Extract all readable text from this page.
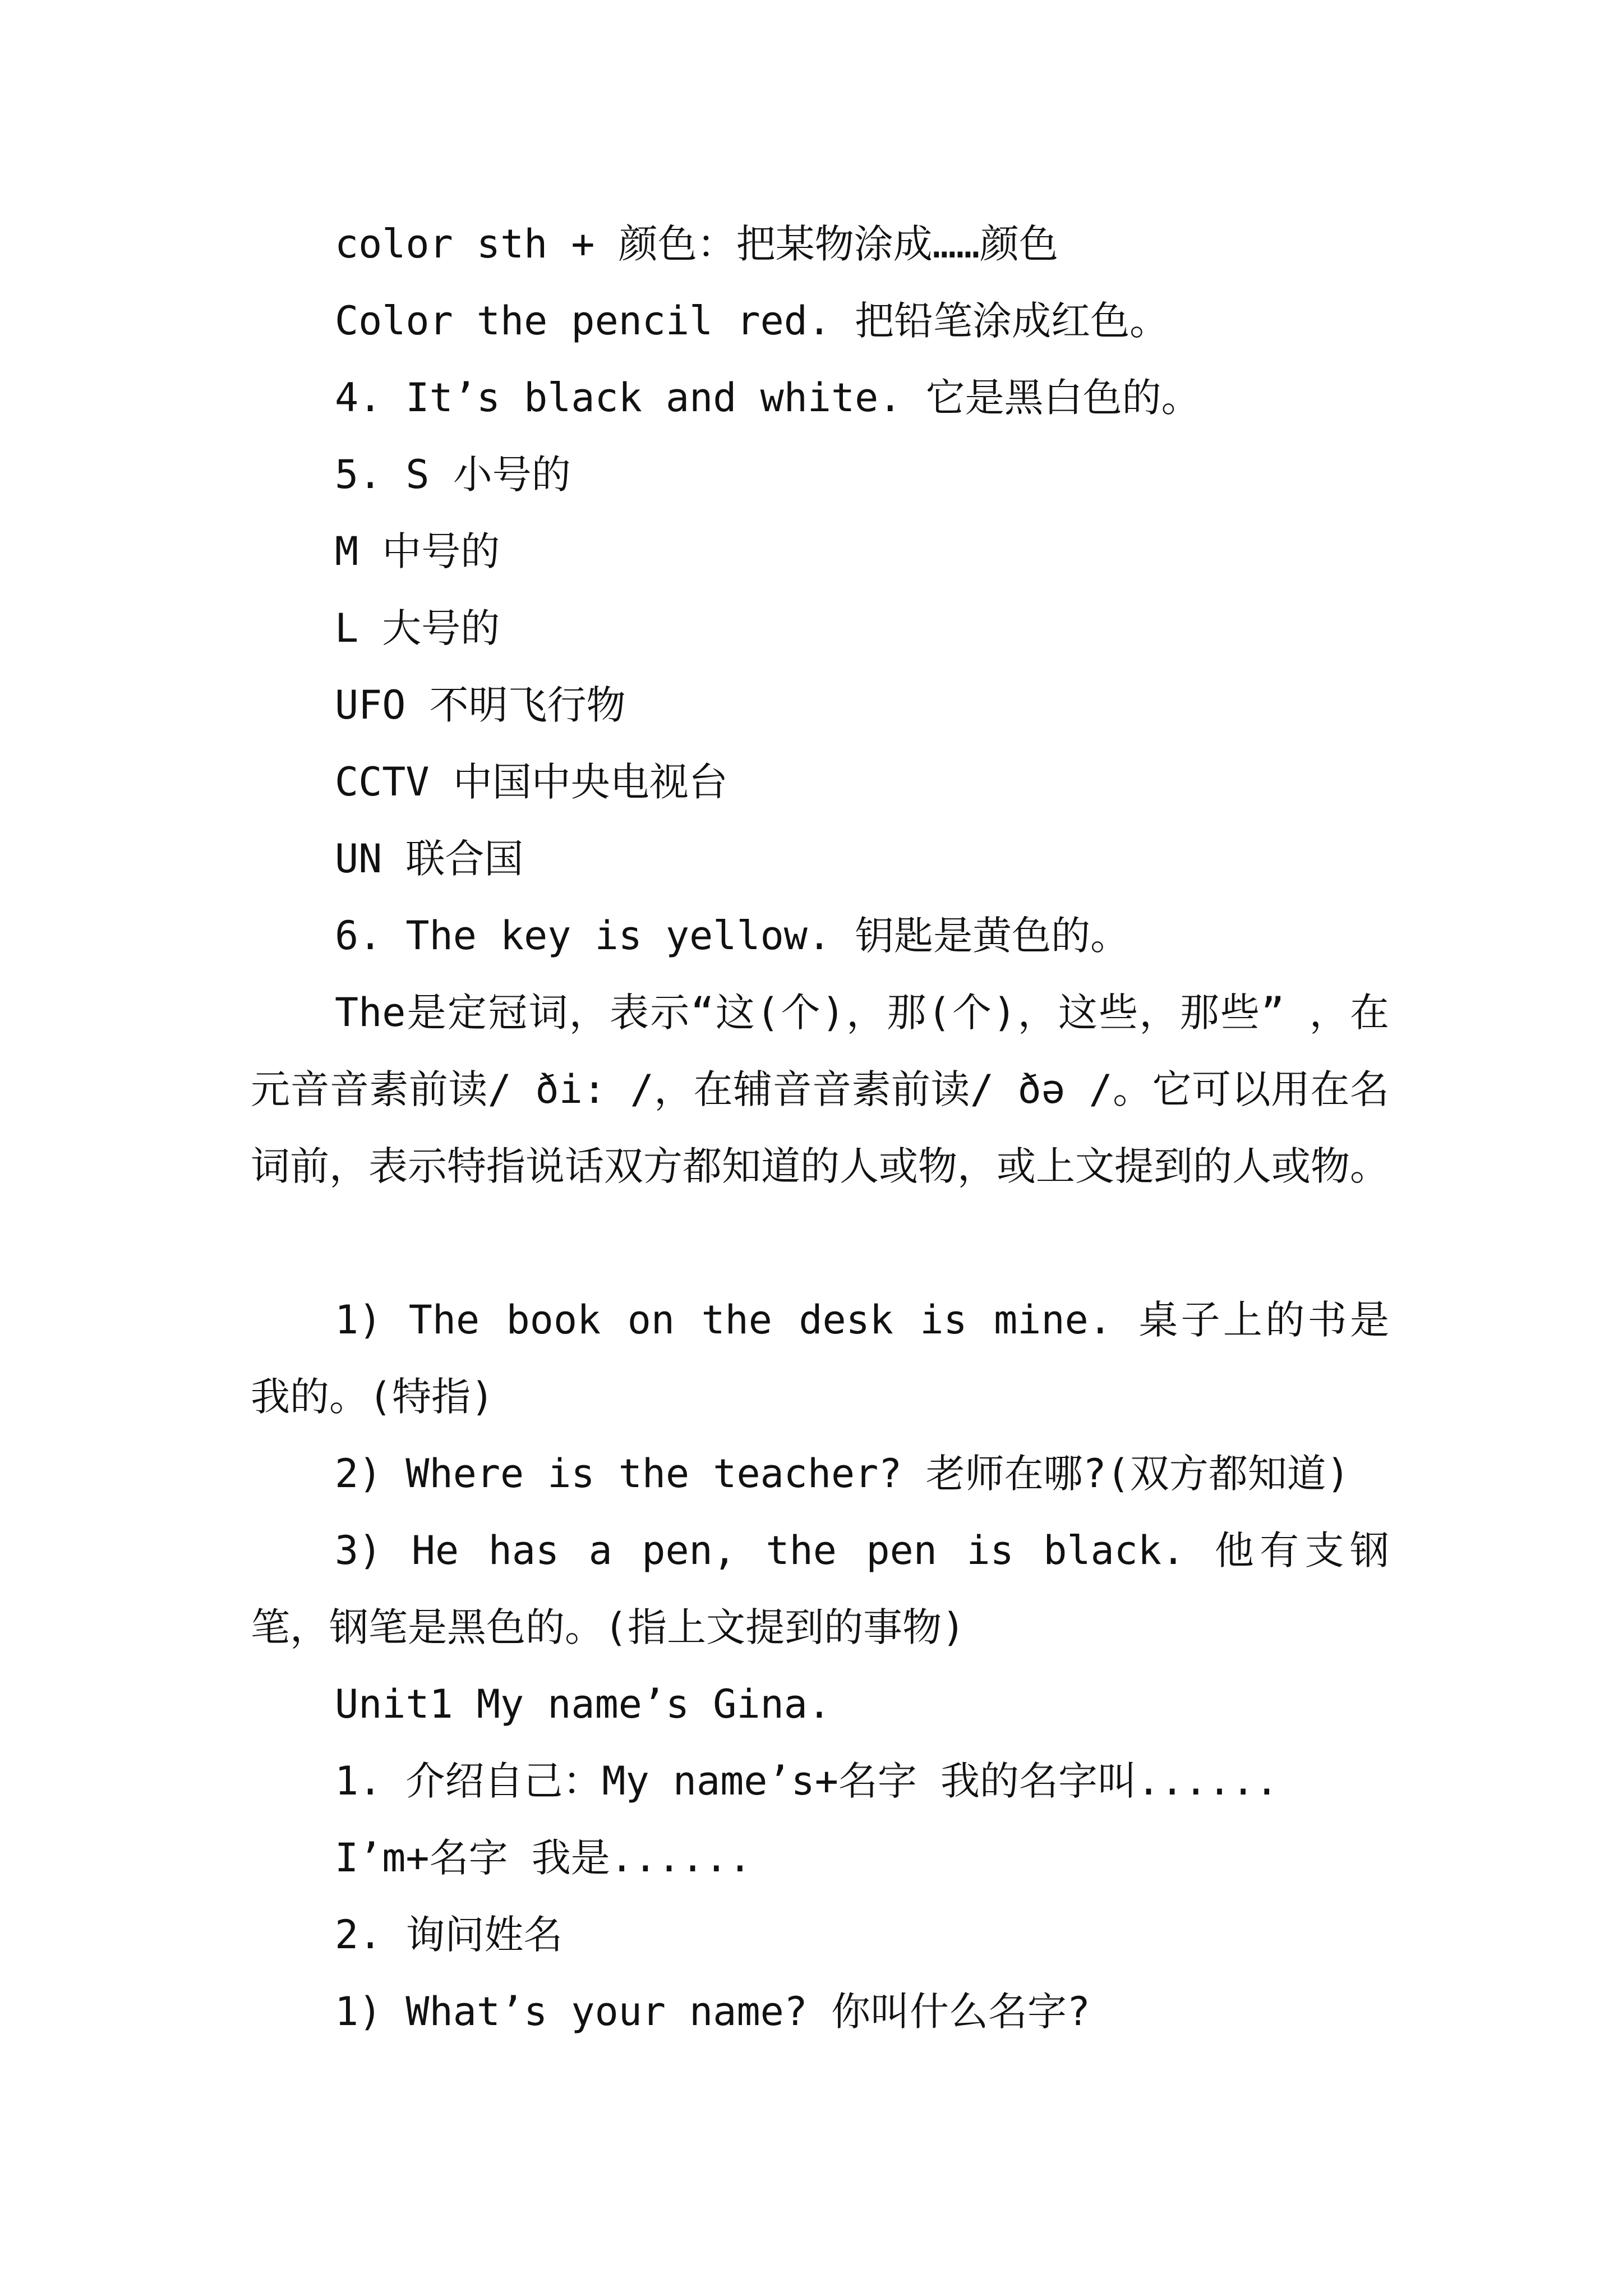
color sth + 颜色：把某物涂成……颜色
Color the pencil red. 把铅笔涂成红色。
4. It’s black and white. 它是黑白色的。
5. S 小号的
M 中号的
L 大号的
UFO 不明飞行物
CCTV 中国中央电视台
UN 联合国
6. The key is yellow. 钥匙是黄色的。
The是定冠词，表示“这(个)，那(个)，这些，那些” ，在元音音素前读/ ði: /，在辅音音素前读/ ðə /。它可以用在名词前，表示特指说话双方都知道的人或物，或上文提到的人或物。
1) The book on the desk is mine. 桌子上的书是我的。(特指)
2) Where is the teacher? 老师在哪?(双方都知道)
3) He has a pen, the pen is black. 他有支钢笔，钢笔是黑色的。(指上文提到的事物)
Unit1 My name’s Gina.
1. 介绍自己：My name’s+名字 我的名字叫......
I’m+名字 我是......
2. 询问姓名
1) What’s your name? 你叫什么名字?
